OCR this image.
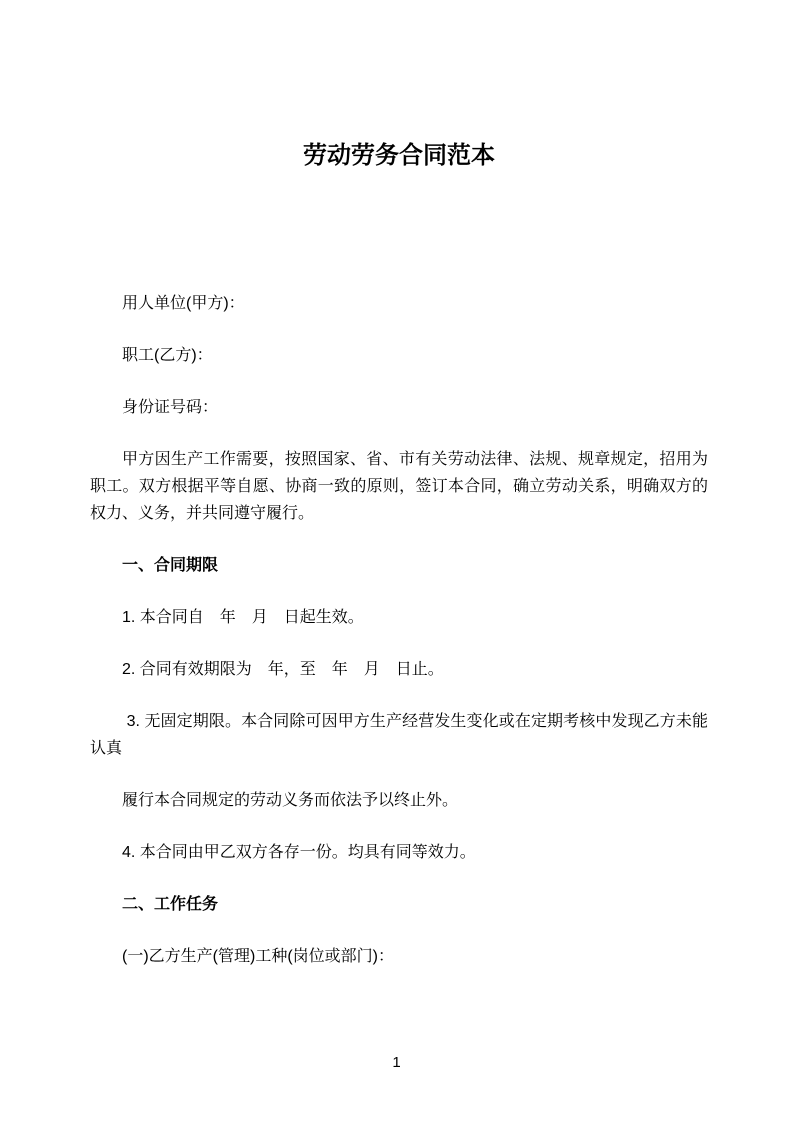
劳动劳务合同范本

用人单位(甲方)：

职工(乙方)：

身份证号码：

甲方因生产工作需要，按照国家、省、市有关劳动法律、法规、规章规定，招用为职工。双方根据平等自愿、协商一致的原则，签订本合同，确立劳动关系，明确双方的权力、义务，并共同遵守履行。

一、合同期限

1. 本合同自　年　月　日起生效。

2. 合同有效期限为　年，至　年　月　日止。

3. 无固定期限。本合同除可因甲方生产经营发生变化或在定期考核中发现乙方未能认真

履行本合同规定的劳动义务而依法予以终止外。

4. 本合同由甲乙双方各存一份。均具有同等效力。

二、工作任务

(一)乙方生产(管理)工种(岗位或部门)：

1
